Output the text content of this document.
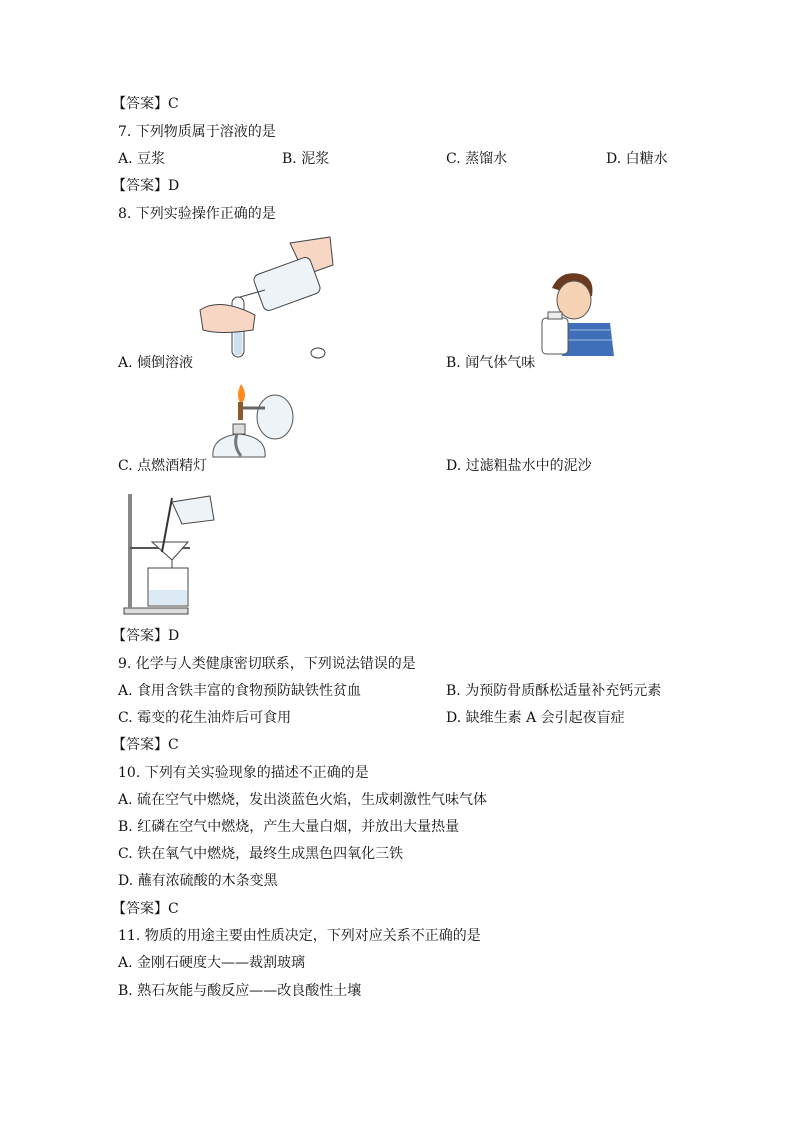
【答案】C
7. 下列物质属于溶液的是
A. 豆浆	B. 泥浆	C. 蒸馏水	D. 白糖水
【答案】D
8. 下列实验操作正确的是
A. 倾倒溶液	B. 闻气体气味
C. 点燃酒精灯	D. 过滤粗盐水中的泥沙
【答案】D
9. 化学与人类健康密切联系，下列说法错误的是
A. 食用含铁丰富的食物预防缺铁性贫血	B. 为预防骨质酥松适量补充钙元素
C. 霉变的花生油炸后可食用	D. 缺维生素 A 会引起夜盲症
【答案】C
10. 下列有关实验现象的描述不正确的是
A. 硫在空气中燃烧，发出淡蓝色火焰，生成刺激性气味气体
B. 红磷在空气中燃烧，产生大量白烟，并放出大量热量
C. 铁在氧气中燃烧，最终生成黑色四氧化三铁
D. 蘸有浓硫酸的木条变黑
【答案】C
11. 物质的用途主要由性质决定，下列对应关系不正确的是
A. 金刚石硬度大——裁割玻璃
B. 熟石灰能与酸反应——改良酸性土壤
